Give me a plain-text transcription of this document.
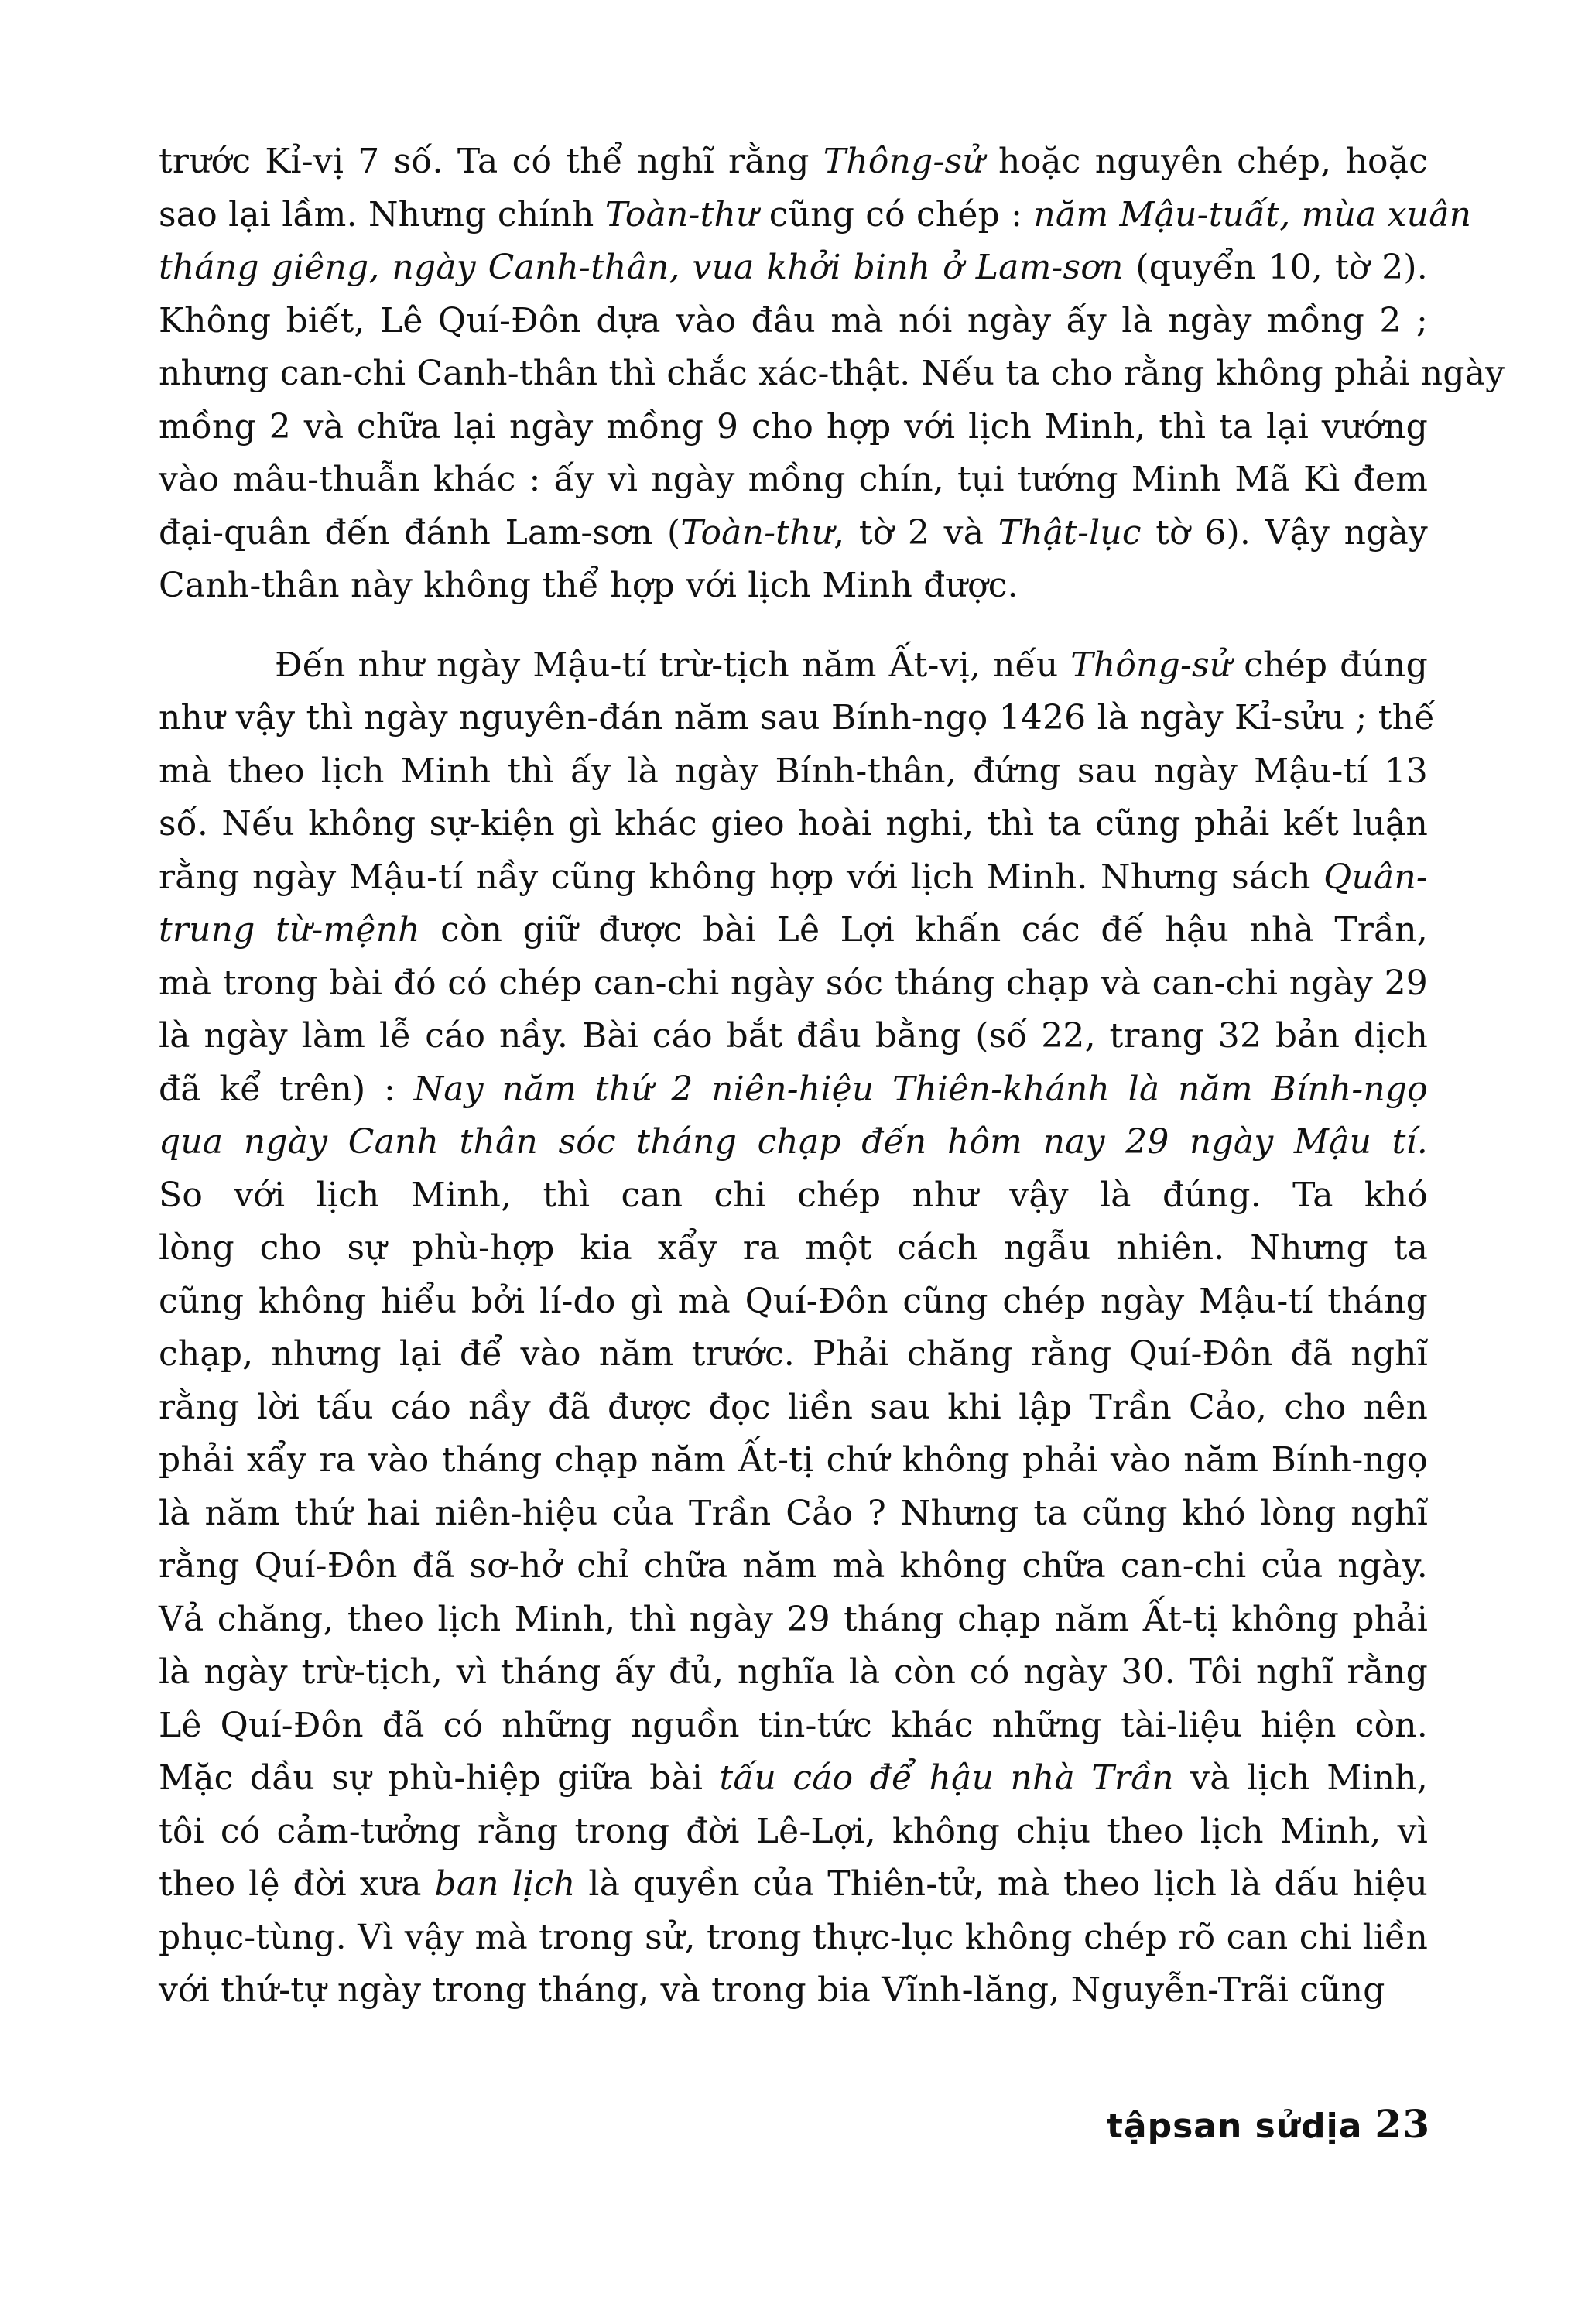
trước Kỉ-vị 7 số. Ta có thể nghĩ rằng Thông-sử hoặc nguyên chép, hoặc

sao lại lầm. Nhưng chính Toàn-thư cũng có chép : năm Mậu-tuất, mùa xuân

tháng giêng, ngày Canh-thân, vua khởi binh ở Lam-sơn (quyển 10, tờ 2).

Không biết, Lê Quí-Đôn dựa vào đâu mà nói ngày ấy là ngày mồng 2 ;

nhưng can-chi Canh-thân thì chắc xác-thật. Nếu ta cho rằng không phải ngày

mồng 2 và chữa lại ngày mồng 9 cho hợp với lịch Minh, thì ta lại vướng

vào mâu-thuẫn khác : ấy vì ngày mồng chín, tụi tướng Minh Mã Kì đem

đại-quân đến đánh Lam-sơn (Toàn-thư, tờ 2 và Thật-lục tờ 6). Vậy ngày

Canh-thân này không thể hợp với lịch Minh được.

Đến như ngày Mậu-tí trừ-tịch năm Ất-vị, nếu Thông-sử chép đúng

như vậy thì ngày nguyên-đán năm sau Bính-ngọ 1426 là ngày Kỉ-sửu ; thế

mà theo lịch Minh thì ấy là ngày Bính-thân, đứng sau ngày Mậu-tí 13

số. Nếu không sự-kiện gì khác gieo hoài nghi, thì ta cũng phải kết luận

rằng ngày Mậu-tí nầy cũng không hợp với lịch Minh. Nhưng sách Quân-

trung từ-mệnh còn giữ được bài Lê Lợi khấn các đế hậu nhà Trần,

mà trong bài đó có chép can-chi ngày sóc tháng chạp và can-chi ngày 29

là ngày làm lễ cáo nầy. Bài cáo bắt đầu bằng (số 22, trang 32 bản dịch

đã kể trên) : Nay năm thứ 2 niên-hiệu Thiên-khánh là năm Bính-ngọ

qua ngày Canh thân sóc tháng chạp đến hôm nay 29 ngày Mậu tí.

So với lịch Minh, thì can chi chép như vậy là đúng. Ta khó

lòng cho sự phù-hợp kia xẩy ra một cách ngẫu nhiên. Nhưng ta

cũng không hiểu bởi lí-do gì mà Quí-Đôn cũng chép ngày Mậu-tí tháng

chạp, nhưng lại để vào năm trước. Phải chăng rằng Quí-Đôn đã nghĩ

rằng lời tấu cáo nầy đã được đọc liền sau khi lập Trần Cảo, cho nên

phải xẩy ra vào tháng chạp năm Ất-tị chứ không phải vào năm Bính-ngọ

là năm thứ hai niên-hiệu của Trần Cảo ? Nhưng ta cũng khó lòng nghĩ

rằng Quí-Đôn đã sơ-hở chỉ chữa năm mà không chữa can-chi của ngày.

Vả chăng, theo lịch Minh, thì ngày 29 tháng chạp năm Ất-tị không phải

là ngày trừ-tịch, vì tháng ấy đủ, nghĩa là còn có ngày 30. Tôi nghĩ rằng

Lê Quí-Đôn đã có những nguồn tin-tức khác những tài-liệu hiện còn.

Mặc dầu sự phù-hiệp giữa bài tấu cáo để hậu nhà Trần và lịch Minh,

tôi có cảm-tưởng rằng trong đời Lê-Lợi, không chịu theo lịch Minh, vì

theo lệ đời xưa ban lịch là quyền của Thiên-tử, mà theo lịch là dấu hiệu

phục-tùng. Vì vậy mà trong sử, trong thực-lục không chép rõ can chi liền

với thứ-tự ngày trong tháng, và trong bia Vĩnh-lăng, Nguyễn-Trãi cũng

tậpsan sửdịa 23
